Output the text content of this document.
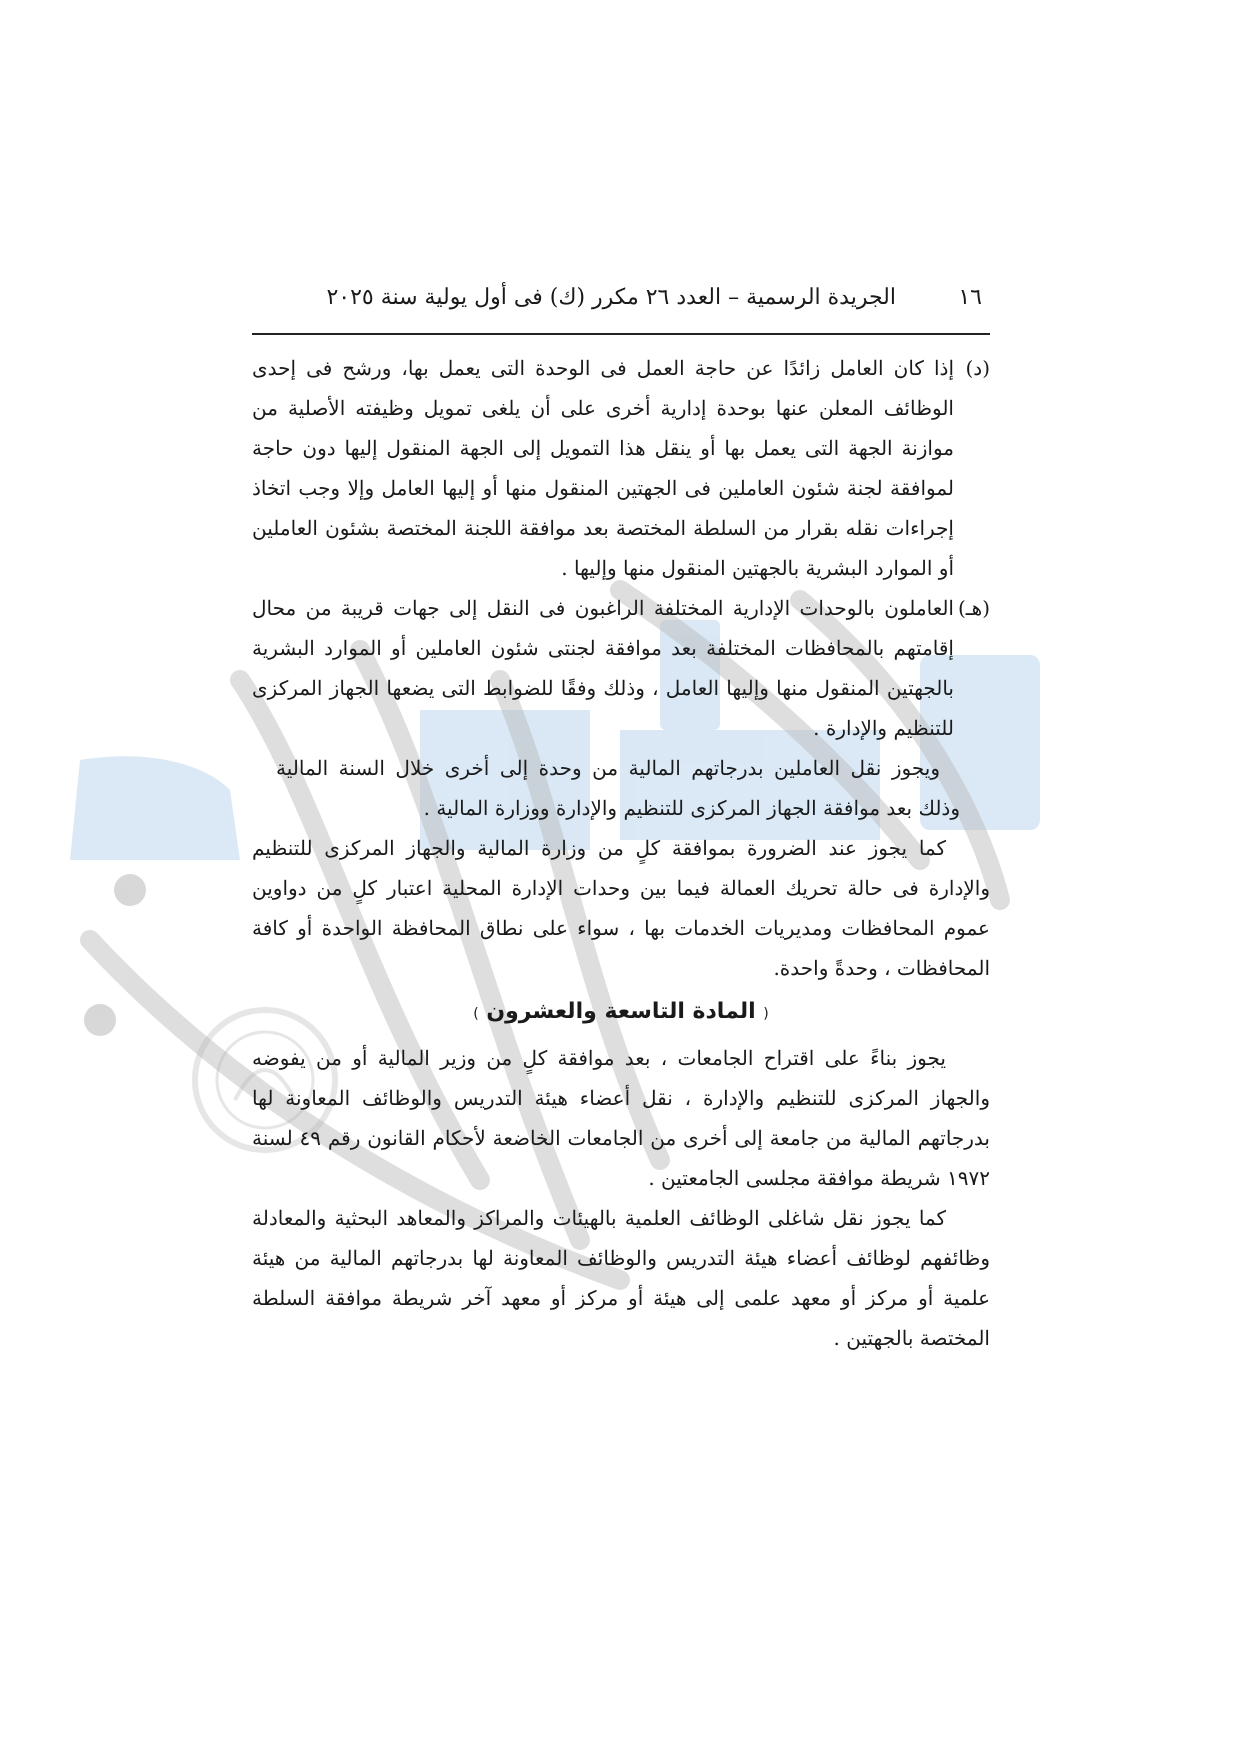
١٦
الجريدة الرسمية – العدد ٢٦ مكرر (ك) فى أول يولية سنة ٢٠٢٥
(د)
إذا كان العامل زائدًا عن حاجة العمل فى الوحدة التى يعمل بها، ورشح فى إحدى الوظائف المعلن عنها بوحدة إدارية أخرى على أن يلغى تمويل وظيفته الأصلية من موازنة الجهة التى يعمل بها أو ينقل هذا التمويل إلى الجهة المنقول إليها دون حاجة لموافقة لجنة شئون العاملين فى الجهتين المنقول منها أو إليها العامل وإلا وجب اتخاذ إجراءات نقله بقرار من السلطة المختصة بعد موافقة اللجنة المختصة بشئون العاملين أو الموارد البشرية بالجهتين المنقول منها وإليها .
(هـ)
العاملون بالوحدات الإدارية المختلفة الراغبون فى النقل إلى جهات قريبة من محال إقامتهم بالمحافظات المختلفة بعد موافقة لجنتى شئون العاملين أو الموارد البشرية بالجهتين المنقول منها وإليها العامل ، وذلك وفقًا للضوابط التى يضعها الجهاز المركزى للتنظيم والإدارة .

ويجوز نقل العاملين بدرجاتهم المالية من وحدة إلى أخرى خلال السنة المالية وذلك بعد موافقة الجهاز المركزى للتنظيم والإدارة ووزارة المالية .

كما يجوز عند الضرورة بموافقة كلٍ من وزارة المالية والجهاز المركزى للتنظيم والإدارة فى حالة تحريك العمالة فيما بين وحدات الإدارة المحلية اعتبار كلٍ من دواوين عموم المحافظات ومديريات الخدمات بها ، سواء على نطاق المحافظة الواحدة أو كافة المحافظات ، وحدةً واحدة.

( المادة التاسعة والعشرون )

يجوز بناءً على اقتراح الجامعات ، بعد موافقة كلٍ من وزير المالية أو من يفوضه والجهاز المركزى للتنظيم والإدارة ، نقل أعضاء هيئة التدريس والوظائف المعاونة لها بدرجاتهم المالية من جامعة إلى أخرى من الجامعات الخاضعة لأحكام القانون رقم ٤٩ لسنة ١٩٧٢ شريطة موافقة مجلسى الجامعتين .

كما يجوز نقل شاغلى الوظائف العلمية بالهيئات والمراكز والمعاهد البحثية والمعادلة وظائفهم لوظائف أعضاء هيئة التدريس والوظائف المعاونة لها بدرجاتهم المالية من هيئة علمية أو مركز أو معهد علمى إلى هيئة أو مركز أو معهد آخر شريطة موافقة السلطة المختصة بالجهتين .
